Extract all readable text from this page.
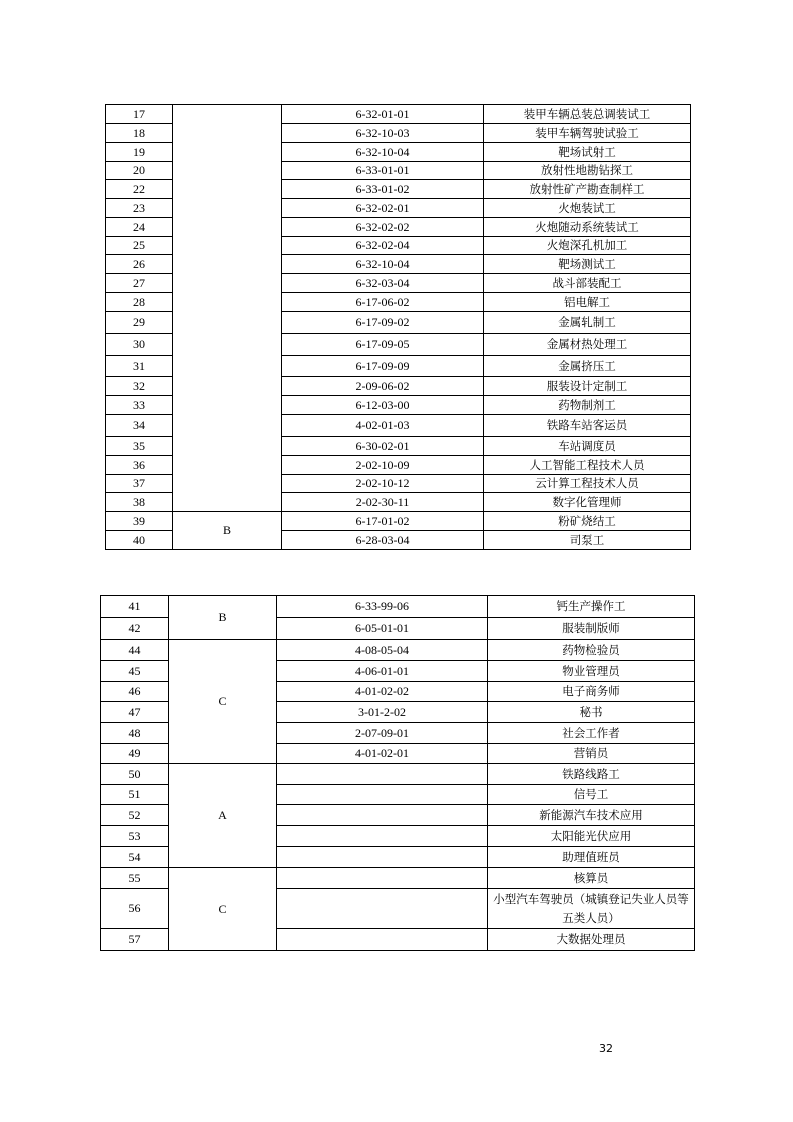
17		6-32-01-01	装甲车辆总装总调装试工
18		6-32-10-03	装甲车辆驾驶试验工
19		6-32-10-04	靶场试射工
20		6-33-01-01	放射性地勘钻探工
22		6-33-01-02	放射性矿产勘查制样工
23		6-32-02-01	火炮装试工
24		6-32-02-02	火炮随动系统装试工
25		6-32-02-04	火炮深孔机加工
26		6-32-10-04	靶场测试工
27		6-32-03-04	战斗部装配工
28		6-17-06-02	铝电解工
29		6-17-09-02	金属轧制工
30		6-17-09-05	金属材热处理工
31		6-17-09-09	金属挤压工
32		2-09-06-02	服装设计定制工
33		6-12-03-00	药物制剂工
34		4-02-01-03	铁路车站客运员
35		6-30-02-01	车站调度员
36		2-02-10-09	人工智能工程技术人员
37		2-02-10-12	云计算工程技术人员
38		2-02-30-11	数字化管理师
39	B	6-17-01-02	粉矿烧结工
40		6-28-03-04	司泵工
41	B	6-33-99-06	钙生产操作工
42		6-05-01-01	服装制版师
44	C	4-08-05-04	药物检验员
45		4-06-01-01	物业管理员
46		4-01-02-02	电子商务师
47		3-01-2-02	秘书
48		2-07-09-01	社会工作者
49		4-01-02-01	营销员
50	A		铁路线路工
51			信号工
52			新能源汽车技术应用
53			太阳能光伏应用
54			助理值班员
55	C		核算员
56			小型汽车驾驶员（城镇登记失业人员等五类人员）
57			大数据处理员
32
